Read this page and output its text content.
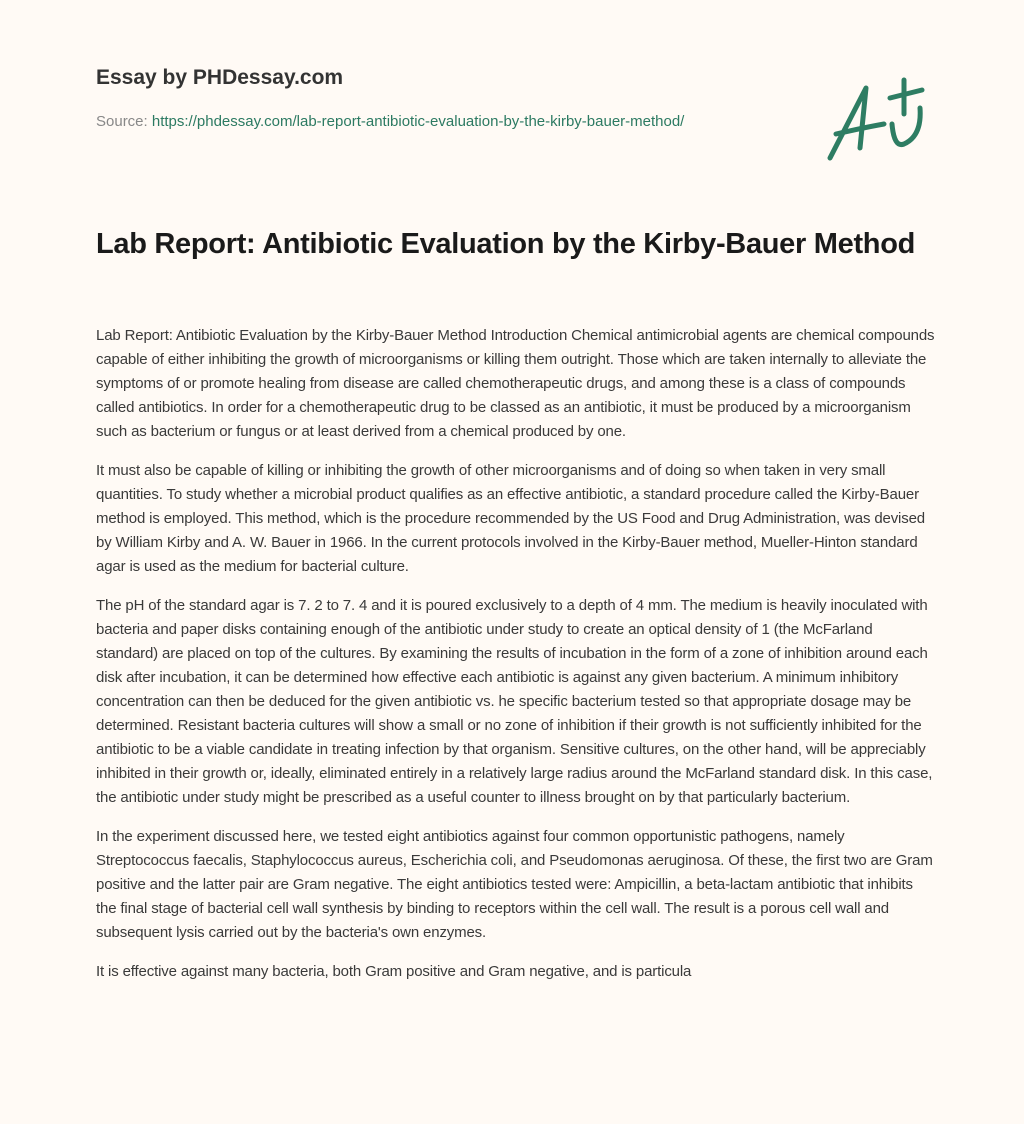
Essay by PHDessay.com
Source: https://phdessay.com/lab-report-antibiotic-evaluation-by-the-kirby-bauer-method/
Lab Report: Antibiotic Evaluation by the Kirby-Bauer Method

Lab Report: Antibiotic Evaluation by the Kirby-Bauer Method Introduction Chemical antimicrobial agents are chemical compounds capable of either inhibiting the growth of microorganisms or killing them outright. Those which are taken internally to alleviate the symptoms of or promote healing from disease are called chemotherapeutic drugs, and among these is a class of compounds called antibiotics. In order for a chemotherapeutic drug to be classed as an antibiotic, it must be produced by a microorganism such as bacterium or fungus or at least derived from a chemical produced by one.

It must also be capable of killing or inhibiting the growth of other microorganisms and of doing so when taken in very small quantities. To study whether a microbial product qualifies as an effective antibiotic, a standard procedure called the Kirby-Bauer method is employed. This method, which is the procedure recommended by the US Food and Drug Administration, was devised by William Kirby and A. W. Bauer in 1966. In the current protocols involved in the Kirby-Bauer method, Mueller-Hinton standard agar is used as the medium for bacterial culture.

The pH of the standard agar is 7. 2 to 7. 4 and it is poured exclusively to a depth of 4 mm. The medium is heavily inoculated with bacteria and paper disks containing enough of the antibiotic under study to create an optical density of 1 (the McFarland standard) are placed on top of the cultures. By examining the results of incubation in the form of a zone of inhibition around each disk after incubation, it can be determined how effective each antibiotic is against any given bacterium. A minimum inhibitory concentration can then be deduced for the given antibiotic vs. he specific bacterium tested so that appropriate dosage may be determined. Resistant bacteria cultures will show a small or no zone of inhibition if their growth is not sufficiently inhibited for the antibiotic to be a viable candidate in treating infection by that organism. Sensitive cultures, on the other hand, will be appreciably inhibited in their growth or, ideally, eliminated entirely in a relatively large radius around the McFarland standard disk. In this case, the antibiotic under study might be prescribed as a useful counter to illness brought on by that particularly bacterium.

In the experiment discussed here, we tested eight antibiotics against four common opportunistic pathogens, namely Streptococcus faecalis, Staphylococcus aureus, Escherichia coli, and Pseudomonas aeruginosa. Of these, the first two are Gram positive and the latter pair are Gram negative. The eight antibiotics tested were: Ampicillin, a beta-lactam antibiotic that inhibits the final stage of bacterial cell wall synthesis by binding to receptors within the cell wall. The result is a porous cell wall and subsequent lysis carried out by the bacteria's own enzymes.

It is effective against many bacteria, both Gram positive and Gram negative, and is particula
